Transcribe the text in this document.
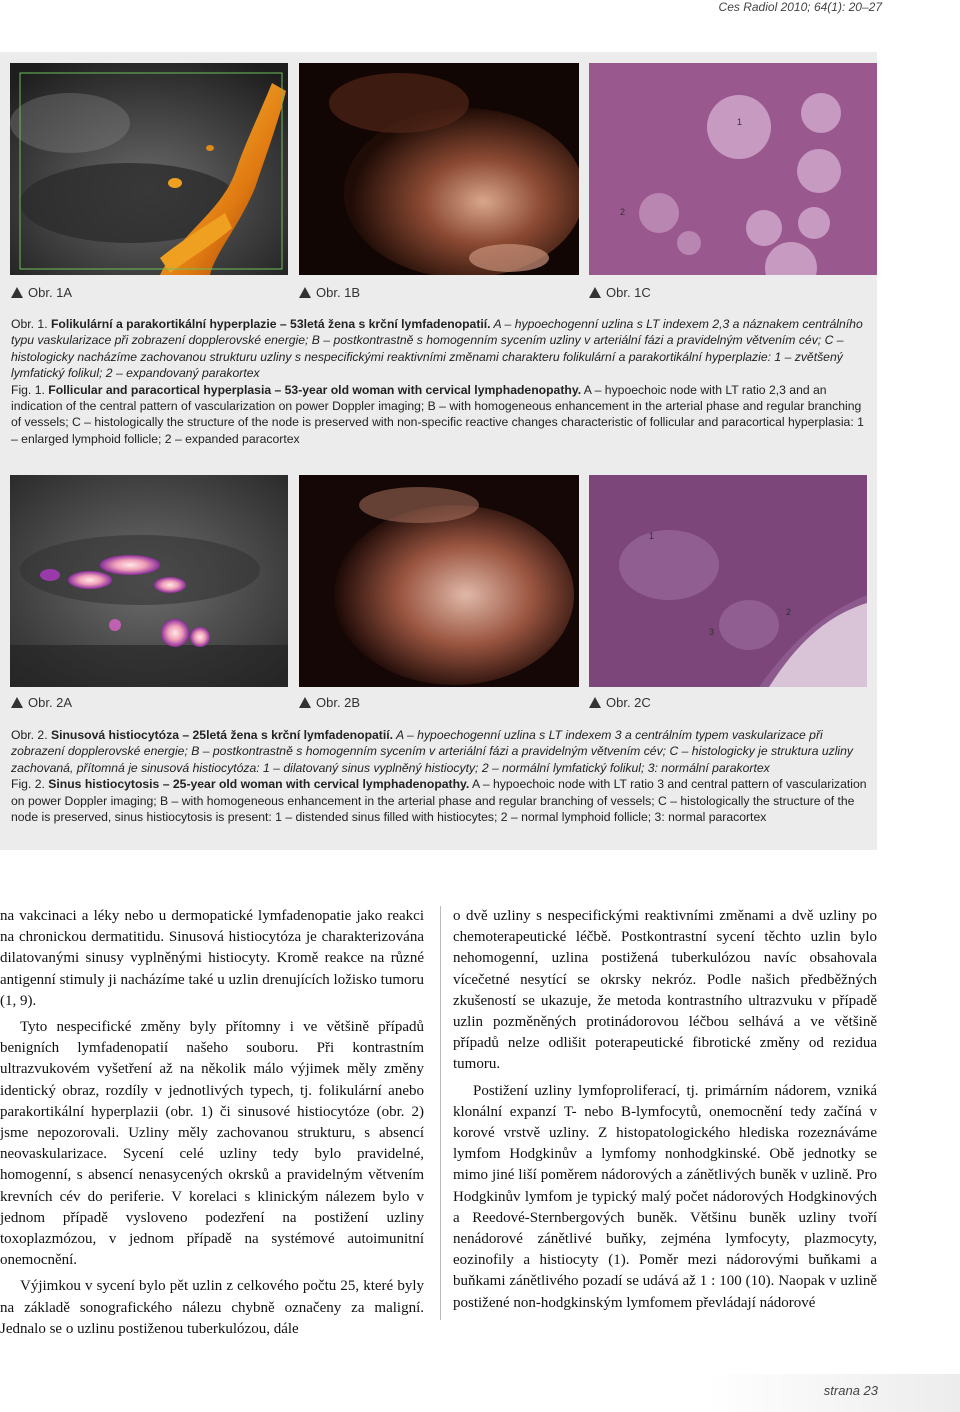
Ces Radiol 2010; 64(1): 20–27
1
2
Obr. 1A	Obr. 1B	Obr. 1C
Obr. 1. Folikulární a parakortikální hyperplazie – 53letá žena s krční lymfadenopatií. A – hypoechogenní uzlina s LT indexem 2,3 a náznakem centrálního typu vaskularizace při zobrazení dopplerovské energie; B – postkontrastně s homogenním sycením uzliny v arteriální fázi a pravidelným větvením cév; C – histologicky nacházíme zachovanou strukturu uzliny s nespecifickými reaktivními změnami charakteru folikulární a parakortikální hyperplazie: 1 – zvětšený lymfatický folikul; 2 – expandovaný parakortex
Fig. 1. Follicular and paracortical hyperplasia – 53-year old woman with cervical lymphadenopathy. A – hypoechoic node with LT ratio 2,3 and an indication of the central pattern of vascularization on power Doppler imaging; B – with homogeneous enhancement in the arterial phase and regular branching of vessels; C – histologically the structure of the node is preserved with non-specific reactive changes characteristic of follicular and paracortical hyperplasia: 1 – enlarged lymphoid follicle; 2 – expanded paracortex
1
2
3
Obr. 2A	Obr. 2B	Obr. 2C
Obr. 2. Sinusová histiocytóza – 25letá žena s krční lymfadenopatií. A – hypoechogenní uzlina s LT indexem 3 a centrálním typem vaskularizace při zobrazení dopplerovské energie; B – postkontrastně s homogenním sycením v arteriální fázi a pravidelným větvením cév; C – histologicky je struktura uzliny zachovaná, přítomná je sinusová histiocytóza: 1 – dilatovaný sinus vyplněný histiocyty; 2 – normální lymfatický folikul; 3: normální parakortex
Fig. 2. Sinus histiocytosis – 25-year old woman with cervical lymphadenopathy. A – hypoechoic node with LT ratio 3 and central pattern of vascularization on power Doppler imaging; B – with homogeneous enhancement in the arterial phase and regular branching of vessels; C – histologically the structure of the node is preserved, sinus histiocytosis is present: 1 – distended sinus filled with histiocytes; 2 – normal lymphoid follicle; 3: normal paracortex

na vakcinaci a léky nebo u dermopatické lymfadenopatie jako reakci na chronickou dermatitidu. Sinusová histiocytóza je charakterizována dilatovanými sinusy vyplněnými histiocyty. Kromě reakce na různé antigenní stimuly ji nacházíme také u uzlin drenujících ložisko tumoru (1, 9).

Tyto nespecifické změny byly přítomny i ve většině případů benigních lymfadenopatií našeho souboru. Při kontrastním ultrazvukovém vyšetření až na několik málo výjimek měly změny identický obraz, rozdíly v jednotlivých typech, tj. folikulární anebo parakortikální hyperplazii (obr. 1) či sinusové histiocytóze (obr. 2) jsme nepozorovali. Uzliny měly zachovanou strukturu, s absencí neovaskularizace. Sycení celé uzliny tedy bylo pravidelné, homogenní, s absencí nenasycených okrsků a pravidelným větvením krevních cév do periferie. V korelaci s klinickým nálezem bylo v jednom případě vysloveno podezření na postižení uzliny toxoplazmózou, v jednom případě na systémové autoimunitní onemocnění.

Výjimkou v sycení bylo pět uzlin z celkového počtu 25, které byly na základě sonografického nálezu chybně označeny za maligní. Jednalo se o uzlinu postiženou tuberkulózou, dále

o dvě uzliny s nespecifickými reaktivními změnami a dvě uzliny po chemoterapeutické léčbě. Postkontrastní sycení těchto uzlin bylo nehomogenní, uzlina postižená tuberkulózou navíc obsahovala vícečetné nesytící se okrsky nekróz. Podle našich předběžných zkušeností se ukazuje, že metoda kontrastního ultrazvuku v případě uzlin pozměněných protinádorovou léčbou selhává a ve většině případů nelze odlišit poterapeutické fibrotické změny od rezidua tumoru.

Postižení uzliny lymfoproliferací, tj. primárním nádorem, vzniká klonální expanzí T- nebo B-lymfocytů, onemocnění tedy začíná v korové vrstvě uzliny. Z histopatologického hlediska rozeznáváme lymfom Hodgkinův a lymfomy nonhodgkinské. Obě jednotky se mimo jiné liší poměrem nádorových a zánětlivých buněk v uzlině. Pro Hodgkinův lymfom je typický malý počet nádorových Hodgkinových a Reedové-Sternbergových buněk. Většinu buněk uzliny tvoří nenádorové zánětlivé buňky, zejména lymfocyty, plazmocyty, eozinofily a histiocyty (1). Poměr mezi nádorovými buňkami a buňkami zánětlivého pozadí se udává až 1 : 100 (10). Naopak v uzlině postižené non-hodgkinským lymfomem převládají nádorové

strana 23
